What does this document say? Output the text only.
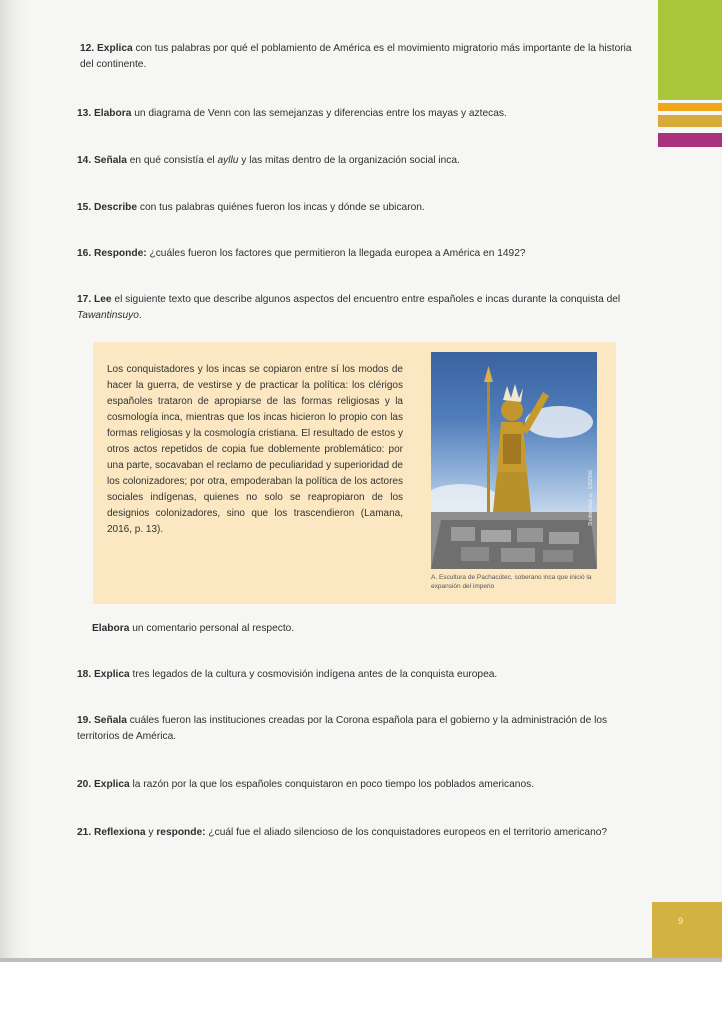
12. Explica con tus palabras por qué el poblamiento de América es el movimiento migratorio más importante de la historia del continente.
13. Elabora un diagrama de Venn con las semejanzas y diferencias entre los mayas y aztecas.
14. Señala en qué consistía el ayllu y las mitas dentro de la organización social inca.
15. Describe con tus palabras quiénes fueron los incas y dónde se ubicaron.
16. Responde: ¿cuáles fueron los factores que permitieron la llegada europea a América en 1492?
17. Lee el siguiente texto que describe algunos aspectos del encuentro entre españoles e incas durante la conquista del Tawantinsuyo.
Los conquistadores y los incas se copiaron entre sí los modos de hacer la guerra, de vestirse y de practicar la política: los clérigos españoles trataron de apropiarse de las formas religiosas y la cosmología inca, mientras que los incas hicieron lo propio con las formas religiosas y la cosmología cristiana. El resultado de estos y otros actos repetidos de copia fue doblemente problemático: por una parte, socavaban el reclamo de peculiaridad y superioridad de los colonizadores; por otra, empoderaban la política de los actores sociales indígenas, quienes no solo se reapropiaron de los designios colonizadores, sino que los trascendieron (Lamana, 2016, p. 13).
Shutterstock ® 1082106
A. Escultura de Pachacútec, soberano inca que inició la expansión del imperio
Elabora un comentario personal al respecto.
18. Explica tres legados de la cultura y cosmovisión indígena antes de la conquista europea.
19. Señala cuáles fueron las instituciones creadas por la Corona española para el gobierno y la administración de los territorios de América.
20. Explica la razón por la que los españoles conquistaron en poco tiempo los poblados americanos.
21. Reflexiona y responde: ¿cuál fue el aliado silencioso de los conquistadores europeos en el territorio americano?
9
